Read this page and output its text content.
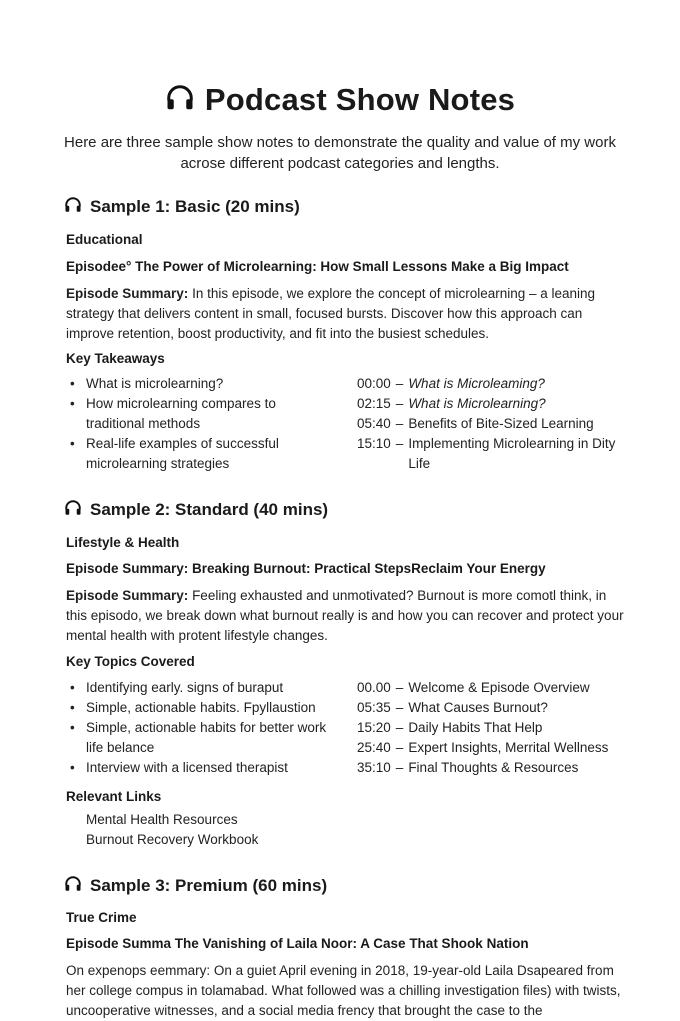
Podcast Show Notes
Here are three sample show notes to demonstrate the quality and value of my work acrose different podcast categories and lengths.
Sample 1: Basic (20 mins)
Educational
Episodee° The Power of Microlearning: How Small Lessons Make a Big Impact
Episode Summary: In this episode, we explore the concept of microlearning – a leaning strategy that delivers content in small, focused bursts. Discover how this approach can improve retention, boost productivity, and fit into the busiest schedules.
Key Takeaways
• What is microlearning?
• How microlearning compares to traditional methods
• Real-life examples of successful microlearning strategies
00:00 – What is Microleaming?
02:15 – What is Microlearning?
05:40 – Benefits of Bite-Sized Learning
15:10 – Implementing Microlearning in Dity Life
Sample 2: Standard (40 mins)
Lifestyle & Health
Episode Summary: Breaking Burnout: Practical StepsReclaim Your Energy
Episode Summary: Feeling exhausted and unmotivated? Burnout is more comotl think, in this episodo, we break down what burnout really is and how you can recover and protect your mental health with protent lifestyle changes.
Key Topics Covered
• Identifying early. signs of buraput
• Simple, actionable habits. Fpyllaustion
• Simple, actionable habits for better work life belance
• Interview with a licensed therapist
00.00 – Welcome & Episode Overview
05:35 – What Causes Burnout?
15:20 – Daily Habits That Help
25:40 – Expert Insights, Merrital Wellness
35:10 – Final Thoughts & Resources
Relevant Links
Mental Health Resources
Burnout Recovery Workbook
Sample 3: Premium (60 mins)
True Crime
Episode Summa The Vanishing of Laila Noor: A Case That Shook Nation
On expenops eemmary: On a guiet April evening in 2018, 19-year-old Laila Dsapeared from her college compus in tolamabad. What followed was a chilling investigation files) with twists, uncooperative witnesses, and a social media frency that brought the case to the
